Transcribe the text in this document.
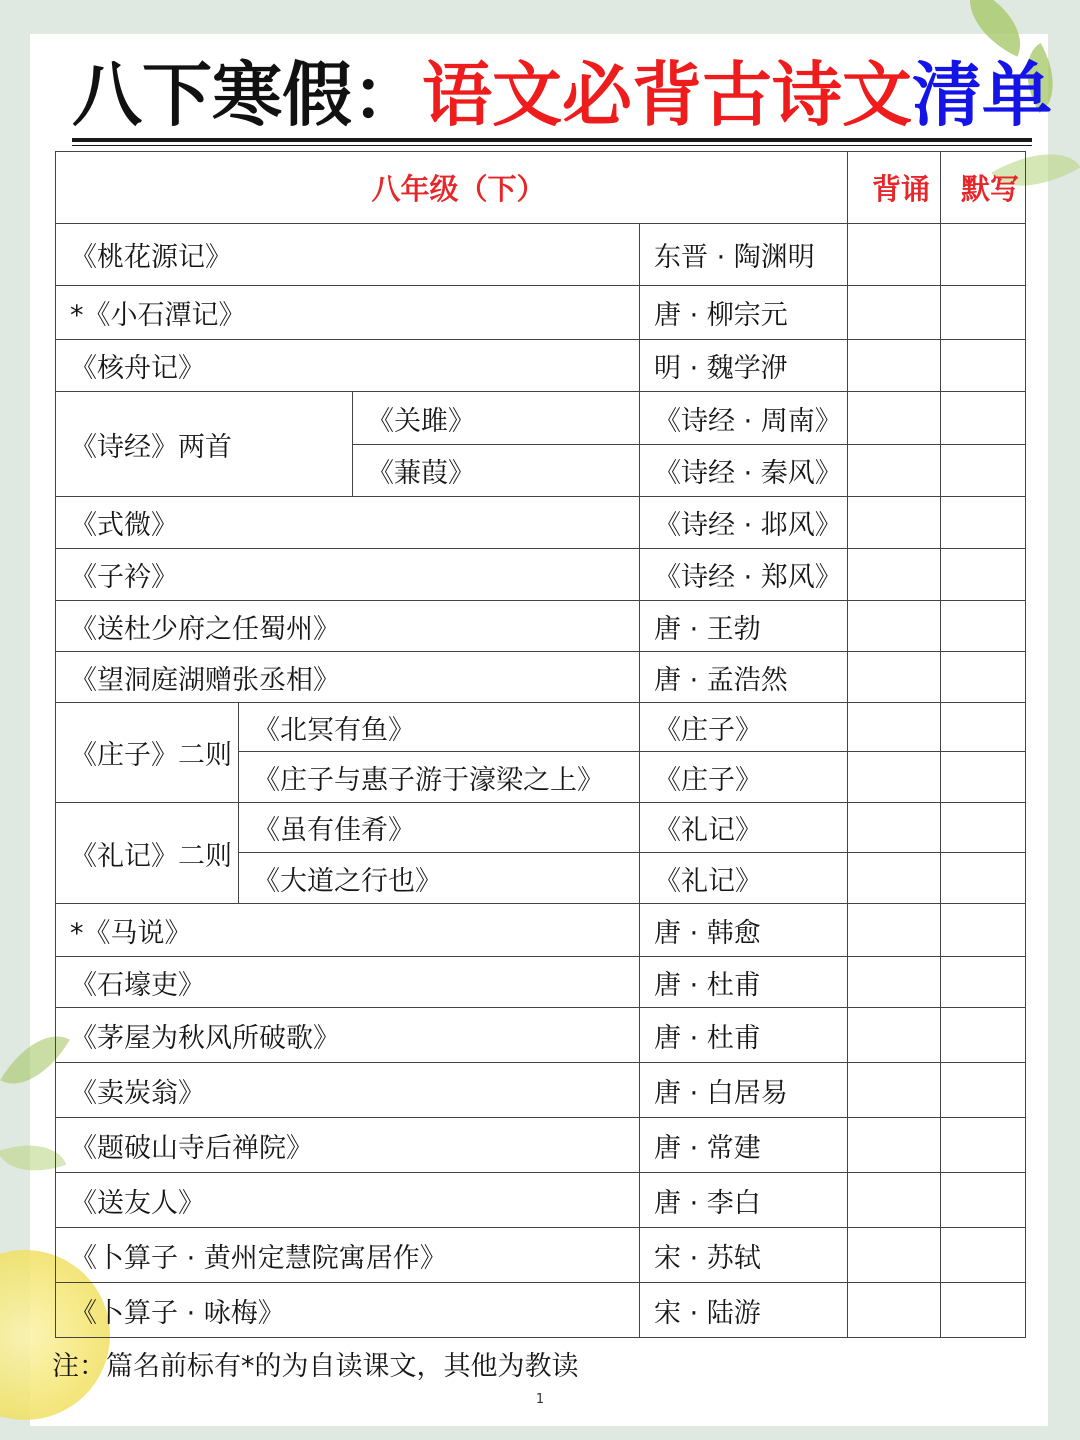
八下寒假：语文必背古诗文清单
八年级（下）				背诵	默写
《桃花源记》			东晋 · 陶渊明		
*《小石潭记》			唐 · 柳宗元		
《核舟记》			明 · 魏学洢		
《诗经》两首		《关雎》	《诗经 · 周南》		
		《蒹葭》	《诗经 · 秦风》		
《式微》			《诗经 · 邶风》		
《子衿》			《诗经 · 郑风》		
《送杜少府之任蜀州》			唐 · 王勃		
《望洞庭湖赠张丞相》			唐 · 孟浩然		
《庄子》二则	《北冥有鱼》		《庄子》		
	《庄子与惠子游于濠梁之上》		《庄子》		
《礼记》二则	《虽有佳肴》		《礼记》		
	《大道之行也》		《礼记》		
*《马说》			唐 · 韩愈		
《石壕吏》			唐 · 杜甫		
《茅屋为秋风所破歌》			唐 · 杜甫		
《卖炭翁》			唐 · 白居易		
《题破山寺后禅院》			唐 · 常建		
《送友人》			唐 · 李白		
《卜算子 · 黄州定慧院寓居作》			宋 · 苏轼		
《卜算子 · 咏梅》			宋 · 陆游		
注：篇名前标有*的为自读课文，其他为教读
1
